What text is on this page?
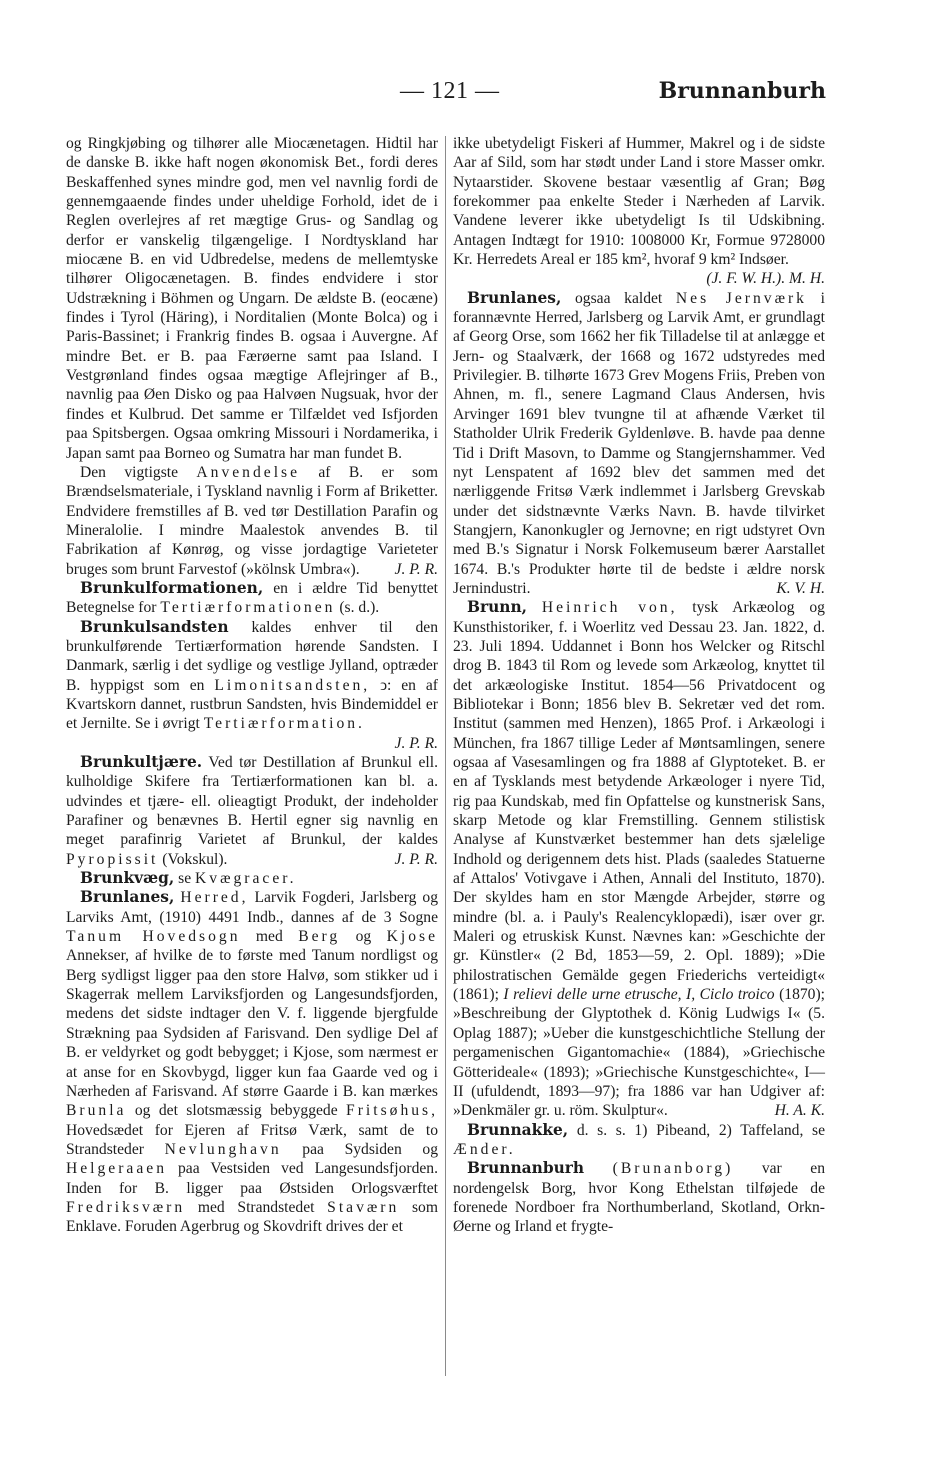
— 121 —	Brunnanburh

og Ringkjøbing og tilhører alle Miocænetagen. Hidtil har de danske B. ikke haft nogen økonomisk Bet., fordi deres Beskaffenhed synes mindre god, men vel navnlig fordi de gennemgaaende findes under uheldige Forhold, idet de i Reglen overlejres af ret mægtige Grus- og Sandlag og derfor er vanskelig tilgængelige. I Nordtyskland har miocæne B. en vid Udbredelse, medens de mellemtyske tilhører Oligocænetagen. B. findes endvidere i stor Udstrækning i Böhmen og Ungarn. De ældste B. (eocæne) findes i Tyrol (Häring), i Norditalien (Monte Bolca) og i Paris-Bassinet; i Frankrig findes B. ogsaa i Auvergne. Af mindre Bet. er B. paa Færøerne samt paa Island. I Vestgrønland findes ogsaa mægtige Aflejringer af B., navnlig paa Øen Disko og paa Halvøen Nugsuak, hvor der findes et Kulbrud. Det samme er Tilfældet ved Isfjorden paa Spitsbergen. Ogsaa omkring Missouri i Nordamerika, i Japan samt paa Borneo og Sumatra har man fundet B.

Den vigtigste Anvendelse af B. er som Brændselsmateriale, i Tyskland navnlig i Form af Briketter. Endvidere fremstilles af B. ved tør Destillation Parafin og Mineralolie. I mindre Maalestok anvendes B. til Fabrikation af Kønrøg, og visse jordagtige Varieteter bruges som brunt Farvestof (»kölnsk Umbra«).	J. P. R.

Brunkulformationen, en i ældre Tid benyttet Betegnelse for Tertiærformationen (s. d.).

Brunkulsandsten kaldes enhver til den brunkulførende Tertiærformation hørende Sandsten. I Danmark, særlig i det sydlige og vestlige Jylland, optræder B. hyppigst som en Limonitsandsten, ↄ: en af Kvartskorn dannet, rustbrun Sandsten, hvis Bindemiddel er et Jernilte. Se i øvrigt Tertiærformation.

J. P. R.

Brunkultjære. Ved tør Destillation af Brunkul ell. kulholdige Skifere fra Tertiærformationen kan bl. a. udvindes et tjære- ell. olieagtigt Produkt, der indeholder Parafiner og benævnes B. Hertil egner sig navnlig en meget parafinrig Varietet af Brunkul, der kaldes Pyropissit (Vokskul).	J. P. R.

Brunkvæg, se Kvægracer.

Brunlanes, Herred, Larvik Fogderi, Jarlsberg og Larviks Amt, (1910) 4491 Indb., dannes af de 3 Sogne Tanum Hovedsogn med Berg og Kjose Annekser, af hvilke de to første med Tanum nordligst og Berg sydligst ligger paa den store Halvø, som stikker ud i Skagerrak mellem Larviksfjorden og Langesundsfjorden, medens det sidste indtager den V. f. liggende bjergfulde Strækning paa Sydsiden af Farisvand. Den sydlige Del af B. er veldyrket og godt bebygget; i Kjose, som nærmest er at anse for en Skovbygd, ligger kun faa Gaarde ved og i Nærheden af Farisvand. Af større Gaarde i B. kan mærkes Brunla og det slotsmæssig bebyggede Fritsøhus, Hovedsædet for Ejeren af Fritsø Værk, samt de to Strandsteder Nevlunghavn paa Sydsiden og Helgeraaen paa Vestsiden ved Langesundsfjorden. Inden for B. ligger paa Østsiden Orlogsværftet Fredriksværn med Strandstedet Staværn som Enklave. Foruden Agerbrug og Skovdrift drives der et

ikke ubetydeligt Fiskeri af Hummer, Makrel og i de sidste Aar af Sild, som har stødt under Land i store Masser omkr. Nytaarstider. Skovene bestaar væsentlig af Gran; Bøg forekommer paa enkelte Steder i Nærheden af Larvik. Vandene leverer ikke ubetydeligt Is til Udskibning. Antagen Indtægt for 1910: 1008000 Kr, Formue 9728000 Kr. Herredets Areal er 185 km², hvoraf 9 km² Indsøer.

(J. F. W. H.). M. H.

Brunlanes, ogsaa kaldet Nes Jernværk i forannævnte Herred, Jarlsberg og Larvik Amt, er grundlagt af Georg Orse, som 1662 her fik Tilladelse til at anlægge et Jern- og Staalværk, der 1668 og 1672 udstyredes med Privilegier. B. tilhørte 1673 Grev Mogens Friis, Preben von Ahnen, m. fl., senere Lagmand Claus Andersen, hvis Arvinger 1691 blev tvungne til at afhænde Værket til Statholder Ulrik Frederik Gyldenløve. B. havde paa denne Tid i Drift Masovn, to Damme og Stangjernshammer. Ved nyt Lenspatent af 1692 blev det sammen med det nærliggende Fritsø Værk indlemmet i Jarlsberg Grevskab under det sidstnævnte Værks Navn. B. havde tilvirket Stangjern, Kanonkugler og Jernovne; en rigt udstyret Ovn med B.'s Signatur i Norsk Folkemuseum bærer Aarstallet 1674. B.'s Produkter hørte til de bedste i ældre norsk Jernindustri.	K. V. H.

Brunn, Heinrich von, tysk Arkæolog og Kunsthistoriker, f. i Woerlitz ved Dessau 23. Jan. 1822, d. 23. Juli 1894. Uddannet i Bonn hos Welcker og Ritschl drog B. 1843 til Rom og levede som Arkæolog, knyttet til det arkæologiske Institut. 1854—56 Privatdocent og Bibliotekar i Bonn; 1856 blev B. Sekretær ved det rom. Institut (sammen med Henzen), 1865 Prof. i Arkæologi i München, fra 1867 tillige Leder af Møntsamlingen, senere ogsaa af Vasesamlingen og fra 1888 af Glyptoteket. B. er en af Tysklands mest betydende Arkæologer i nyere Tid, rig paa Kundskab, med fin Opfattelse og kunstnerisk Sans, skarp Metode og klar Fremstilling. Gennem stilistisk Analyse af Kunstværket bestemmer han dets sjælelige Indhold og derigennem dets hist. Plads (saaledes Statuerne af Attalos' Votivgave i Athen, Annali del Instituto, 1870). Der skyldes ham en stor Mængde Arbejder, større og mindre (bl. a. i Pauly's Realencyklopædi), især over gr. Maleri og etruskisk Kunst. Nævnes kan: »Geschichte der gr. Künstler« (2 Bd, 1853—59, 2. Opl. 1889); »Die philostratischen Gemälde gegen Friederichs verteidigt« (1861); I relievi delle urne etrusche, I, Ciclo troico (1870); »Beschreibung der Glyptothek d. König Ludwigs I« (5. Oplag 1887); »Ueber die kunstgeschichtliche Stellung der pergamenischen Gigantomachie« (1884), »Griechische Götterideale« (1893); »Griechische Kunstgeschichte«, I—II (ufuldendt, 1893—97); fra 1886 var han Udgiver af: »Denkmäler gr. u. röm. Skulptur«.	H. A. K.

Brunnakke, d. s. s. 1) Pibeand, 2) Taffeland, se Ænder.

Brunnanburh (Brunanborg) var en nordengelsk Borg, hvor Kong Ethelstan tilføjede de forenede Nordboer fra Northumberland, Skotland, Orkn-Øerne og Irland et frygte-
